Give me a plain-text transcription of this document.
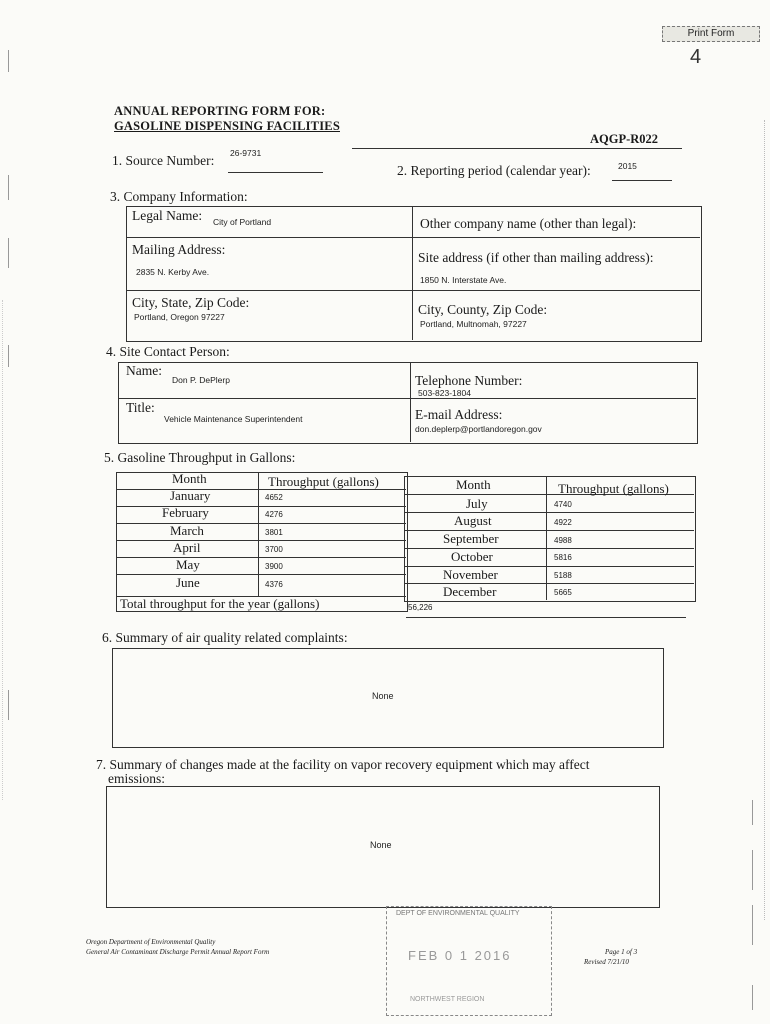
Print Form
4
ANNUAL REPORTING FORM FOR:
GASOLINE DISPENSING FACILITIES
AQGP-R022
1. Source Number: 26-9731
2. Reporting period (calendar year):	2015
3. Company Information:
Legal Name: City of Portland	Other company name (other than legal):
Mailing Address:
2835 N. Kerby Ave.
Site address (if other than mailing address):
1850 N. Interstate Ave.
City, State, Zip Code:
Portland, Oregon 97227	City, County, Zip Code:
Portland, Multnomah, 97227
4. Site Contact Person:
Name:
Don P. DePlerp	Telephone Number:
503-823-1804
Title:
Vehicle Maintenance Superintendent	E-mail Address:
don.deplerp@portlandoregon.gov
5. Gasoline Throughput in Gallons:
Month	Throughput (gallons)
January	4652
February	4276
March	3801
April	3700
May	3900
June	4376
Total throughput for the year (gallons)	56,226
Month	Throughput (gallons)
July	4740
August	4922
September	4988
October	5816
November	5188
December	5665
6. Summary of air quality related complaints:
None
7. Summary of changes made at the facility on vapor recovery equipment which may affect
emissions:
None
Oregon Department of Environmental Quality
General Air Contaminant Discharge Permit Annual Report Form
DEPT OF ENVIRONMENTAL QUALITY
FEB 0 1 2016
NORTHWEST REGION
Page 1 of 3
Revised 7/21/10
